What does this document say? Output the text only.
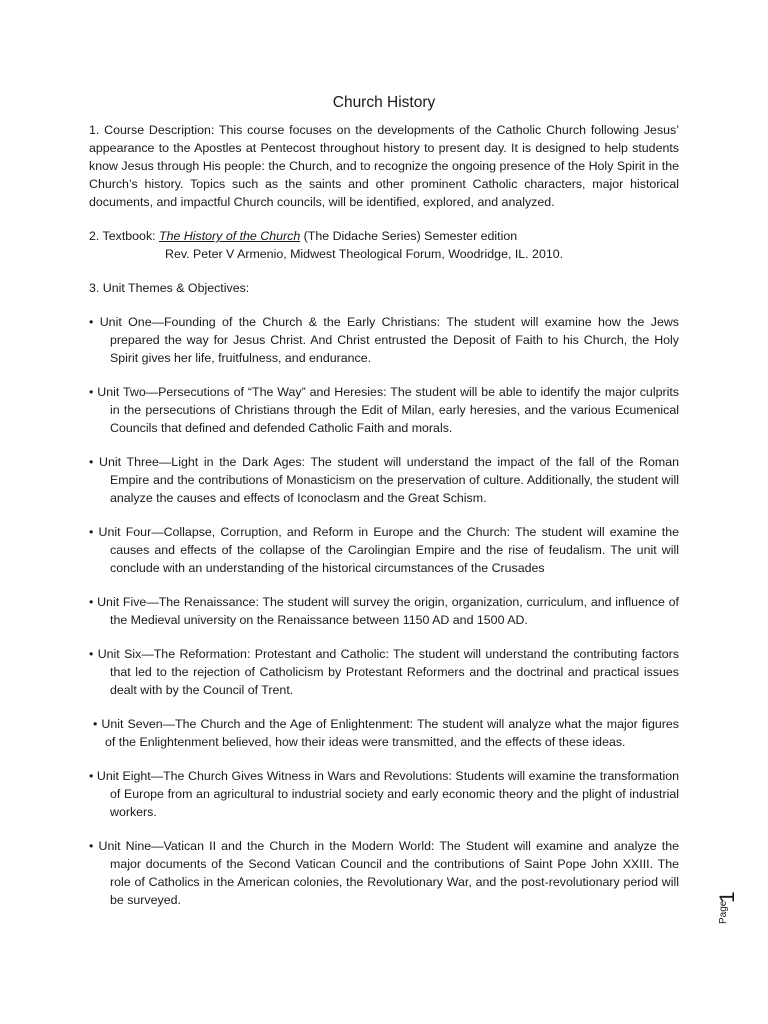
Church History

1. Course Description: This course focuses on the developments of the Catholic Church following Jesus’ appearance to the Apostles at Pentecost throughout history to present day. It is designed to help students know Jesus through His people: the Church, and to recognize the ongoing presence of the Holy Spirit in the Church’s history. Topics such as the saints and other prominent Catholic characters, major historical documents, and impactful Church councils, will be identified, explored, and analyzed.

2. Textbook: The History of the Church (The Didache Series) Semester edition
Rev. Peter V Armenio, Midwest Theological Forum, Woodridge, IL. 2010.

3. Unit Themes & Objectives:

• Unit One—Founding of the Church & the Early Christians: The student will examine how the Jews prepared the way for Jesus Christ. And Christ entrusted the Deposit of Faith to his Church, the Holy Spirit gives her life, fruitfulness, and endurance.

• Unit Two—Persecutions of “The Way” and Heresies: The student will be able to identify the major culprits in the persecutions of Christians through the Edit of Milan, early heresies, and the various Ecumenical Councils that defined and defended Catholic Faith and morals.

• Unit Three—Light in the Dark Ages: The student will understand the impact of the fall of the Roman Empire and the contributions of Monasticism on the preservation of culture. Additionally, the student will analyze the causes and effects of Iconoclasm and the Great Schism.

• Unit Four—Collapse, Corruption, and Reform in Europe and the Church: The student will examine the causes and effects of the collapse of the Carolingian Empire and the rise of feudalism. The unit will conclude with an understanding of the historical circumstances of the Crusades

• Unit Five—The Renaissance: The student will survey the origin, organization, curriculum, and influence of the Medieval university on the Renaissance between 1150 AD and 1500 AD.

• Unit Six—The Reformation: Protestant and Catholic: The student will understand the contributing factors that led to the rejection of Catholicism by Protestant Reformers and the doctrinal and practical issues dealt with by the Council of Trent.

• Unit Seven—The Church and the Age of Enlightenment: The student will analyze what the major figures of the Enlightenment believed, how their ideas were transmitted, and the effects of these ideas.

• Unit Eight—The Church Gives Witness in Wars and Revolutions: Students will examine the transformation of Europe from an agricultural to industrial society and early economic theory and the plight of industrial workers.

• Unit Nine—Vatican II and the Church in the Modern World: The Student will examine and analyze the major documents of the Second Vatican Council and the contributions of Saint Pope John XXIII. The role of Catholics in the American colonies, the Revolutionary War, and the post-revolutionary period will be surveyed.

Page
1
